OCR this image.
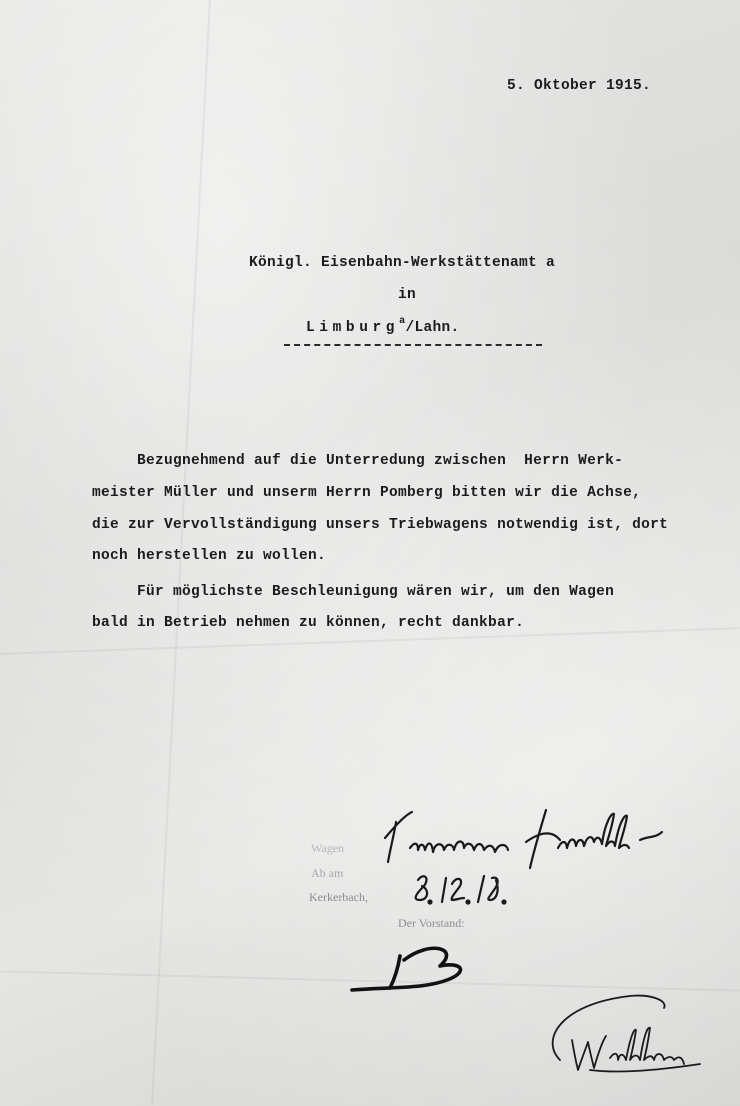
5. Oktober 1915.
Königl. Eisenbahn-Werkstättenamt a
in
Limburg$^a$/Lahn.
Bezugnehmend auf die Unterredung zwischen  Herrn Werk-
meister Müller und unserm Herrn Pomberg bitten wir die Achse,
die zur Vervollständigung unsers Triebwagens notwendig ist, dort
noch herstellen zu wollen.
Für möglichste Beschleunigung wären wir, um den Wagen
bald in Betrieb nehmen zu können, recht dankbar.
Wagen
Ab am
Kerkerbach,
Der Vorstand:
